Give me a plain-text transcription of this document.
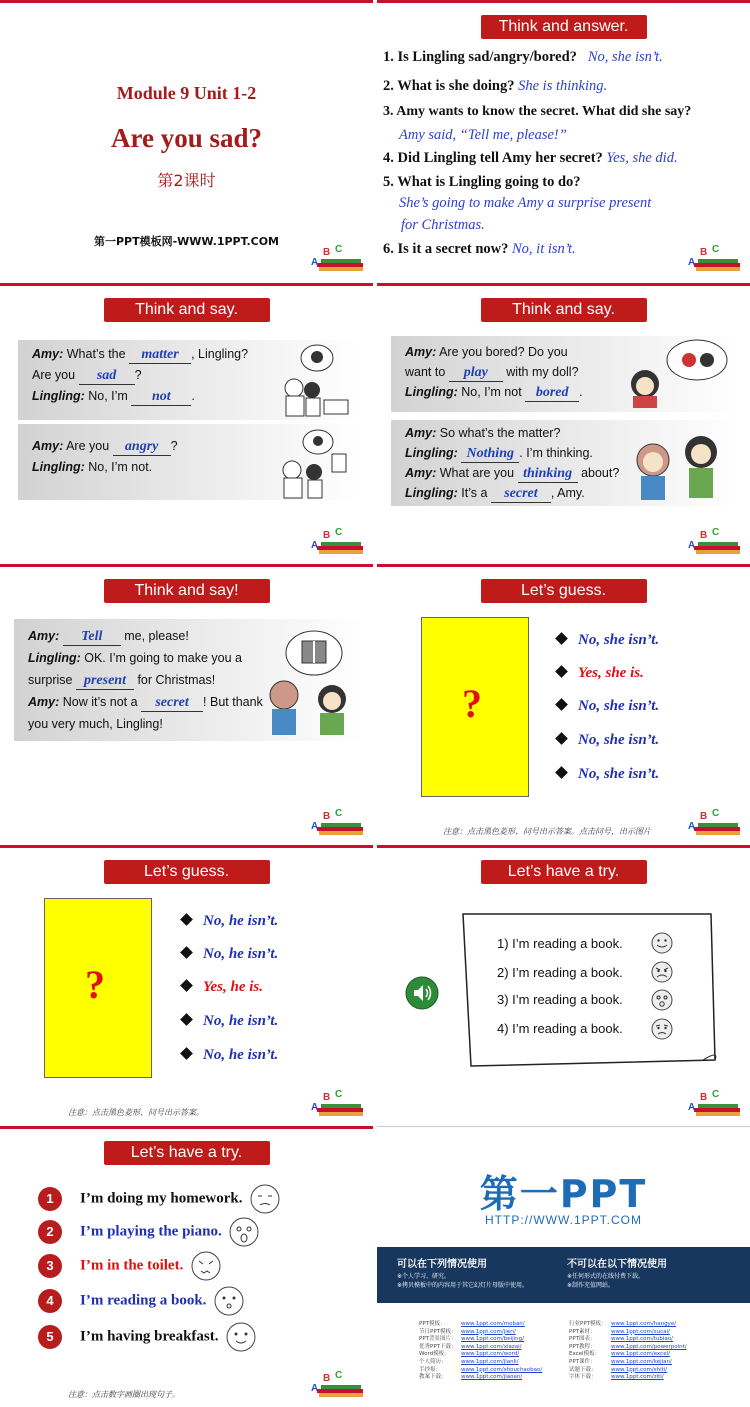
Module 9 Unit 1-2
Are you sad?
第2课时
第一PPT模板网-WWW.1PPT.COM
A
B C
Think and answer.
1. Is Lingling sad/angry/bored? No, she isn’t.
2. What is she doing? She is thinking.
3. Amy wants to know the secret. What did she say?
Amy said, “Tell me, please!”
4. Did Lingling tell Amy her secret? Yes, she did.
5. What is Lingling going to do?
She’s going to make Amy a surprise present
for Christmas.
6. Is it a secret now? No, it isn’t.
A
B C
Think and say.
Amy: What’s the matter , Lingling?
Are you sad ?
Lingling: No, I’m not .
Amy: Are you angry ?
Lingling: No, I’m not.
A
B C
Think and say.
Amy: Are you bored? Do you
want to play with my doll?
Lingling: No, I’m not bored .
Amy: So what’s the matter?
Lingling: Nothing . I’m thinking.
Amy: What are you thinking about?
Lingling: It’s a secret , Amy.
A
B C
Think and say!
Amy: Tell me, please!
Lingling: OK. I’m going to make you a
surprise present for Christmas!
Amy: Now it’s not a secret ! But thank
you very much, Lingling!
A
B C
Let’s guess.
?
No, she isn’t.
Yes, she is.
No, she isn’t.
No, she isn’t.
No, she isn’t.
注意：点击黑色菱形、问号出示答案。点击问号，出示图片	A
B C
Let’s guess.
?
No, he isn’t.
No, he isn’t.
Yes, he is.
No, he isn’t.
No, he isn’t.
注意：点击黑色菱形、问号出示答案。	A
B C
Let’s have a try.
1) I’m reading a book.
2) I’m reading a book.
3) I’m reading a book.
4) I’m reading a book.
A
B C
Let’s have a try.
1 I’m doing my homework.
2 I’m playing the piano.
3 I’m in the toilet.
4 I’m reading a book.
5 I’m having breakfast.
注意：点击数字画圈出现句子。
A
B C
第一PPT
HTTP://WWW.1PPT.COM
可以在下列情况使用
※个人学习、研究。
※拷贝模板中的内容用于其它幻灯片母版中使用。
不可以在以下情况使用
※任何形式的在线付费下载。
※制作充值网站。
PPT模板：	www.1ppt.com/moban/
节日PPT模板： www.1ppt.com/jieri/
PPT背景图片： www.1ppt.com/beijing/
优秀PPT下载： www.1ppt.com/xiazai/
Word模板： www.1ppt.com/word/
个人简历：	www.1ppt.com/jianli/
手抄报：	www.1ppt.com/shouchaobao/
教案下载：	www.1ppt.com/jiaoan/
行业PPT模板： www.1ppt.com/hangye/
PPT素材：	www.1ppt.com/sucai/
PPT图表：	www.1ppt.com/tubiao/
PPT教程：	www.1ppt.com/powerpoint/
Excel模板： www.1ppt.com/excel/
PPT课件：	www.1ppt.com/kejian/
试题下载：	www.1ppt.com/shiti/
字体下载：	www.1ppt.com/ziti/
